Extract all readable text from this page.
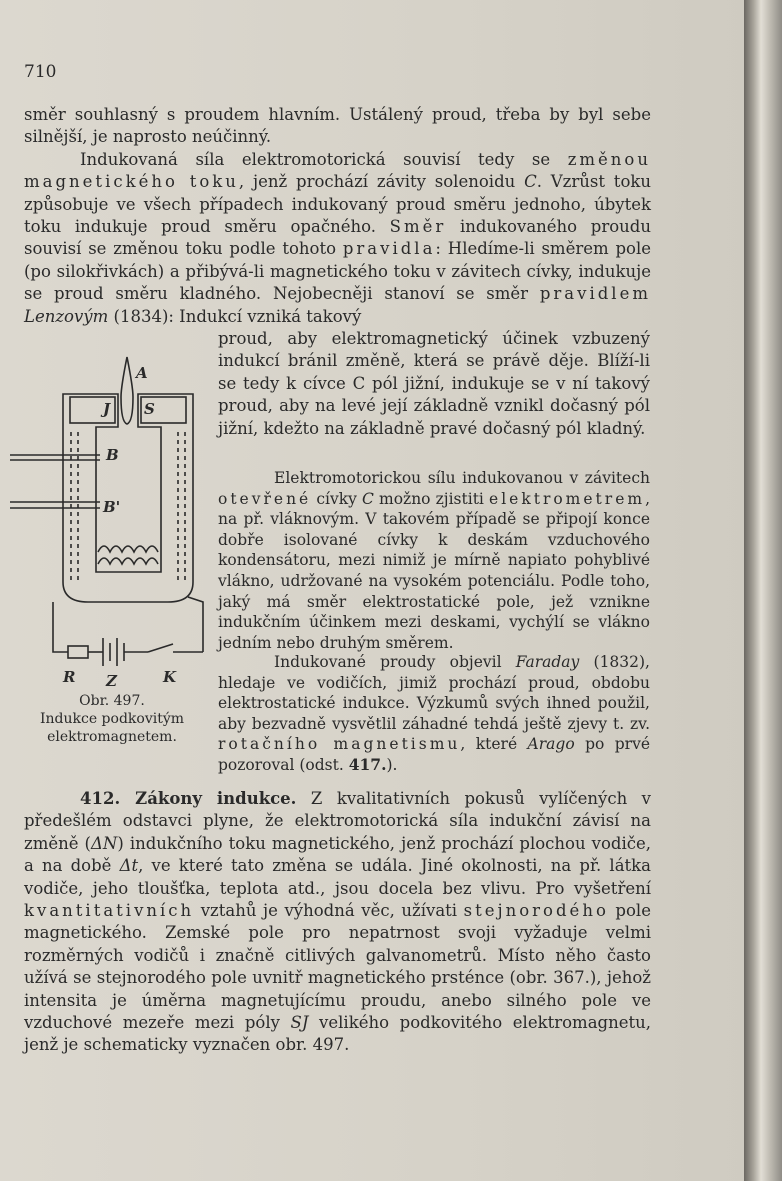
710

směr souhlasný s proudem hlavním. Ustálený proud, třeba by byl sebe silnější, je naprosto neúčinný.

Indukovaná síla elektromotorická souvisí tedy se změnou magnetického toku, jenž prochází závity solenoidu C. Vzrůst toku způsobuje ve všech případech indukovaný proud směru jednoho, úbytek toku indukuje proud směru opačného. Směr indukovaného proudu souvisí se změnou toku podle tohoto pravidla: Hledíme-li směrem pole (po silokřivkách) a přibývá-li magnetického toku v závitech cívky, indukuje se proud směru kladného. Nejobecněji stanoví se směr pravidlem Lenzovým (1834): Indukcí vzniká takový

proud, aby elektromagnetický účinek vzbuzený indukcí bránil změně, která se právě děje. Blíží-li se tedy k cívce C pól jižní, indukuje se v ní takový proud, aby na levé její základně vznikl dočasný pól jižní, kdežto na základně pravé dočasný pól kladný.

Elektromotorickou sílu indukovanou v závitech otevřené cívky C možno zjistiti elektrometrem, na př. vláknovým. V takovém případě se připojí konce dobře isolované cívky k deskám vzduchového kondensátoru, mezi nimiž je mírně napiato pohyblivé vlákno, udržované na vysokém potenciálu. Podle toho, jaký má směr elektrostatické pole, jež vznikne indukčním účinkem mezi deskami, vychýlí se vlákno jedním nebo druhým směrem.

Indukované proudy objevil Faraday (1832), hledaje ve vodičích, jimiž prochází proud, obdobu elektrostatické indukce. Výzkumů svých ihned použil, aby bezvadně vysvětlil záhadné tehdá ještě zjevy t. zv. rotačního magnetismu, které Arago po prvé pozoroval (odst. 417.).

412. Zákony indukce. Z kvalitativních pokusů vylíčených v předešlém odstavci plyne, že elektromotorická síla indukční závisí na změně (ΔN) indukčního toku magnetického, jenž prochází plochou vodiče, a na době Δt, ve které tato změna se udála. Jiné okolnosti, na př. látka vodiče, jeho tloušťka, teplota atd., jsou docela bez vlivu. Pro vyšetření kvantitativních vztahů je výhodná věc, užívati stejnorodého pole magnetického. Zemské pole pro nepatrnost svoji vyžaduje velmi rozměrných vodičů i značně citlivých galvanometrů. Místo něho často užívá se stejnorodého pole uvnitř magnetického prsténce (obr. 367.), jehož intensita je úměrna magnetujícímu proudu, anebo silného pole ve vzduchové mezeře mezi póly SJ velikého podkovitého elektromagnetu, jenž je schematicky vyznačen obr. 497.

A
J S
B
B'
R Z	K
Obr. 497.
Indukce podkovitým
elektromagnetem.
